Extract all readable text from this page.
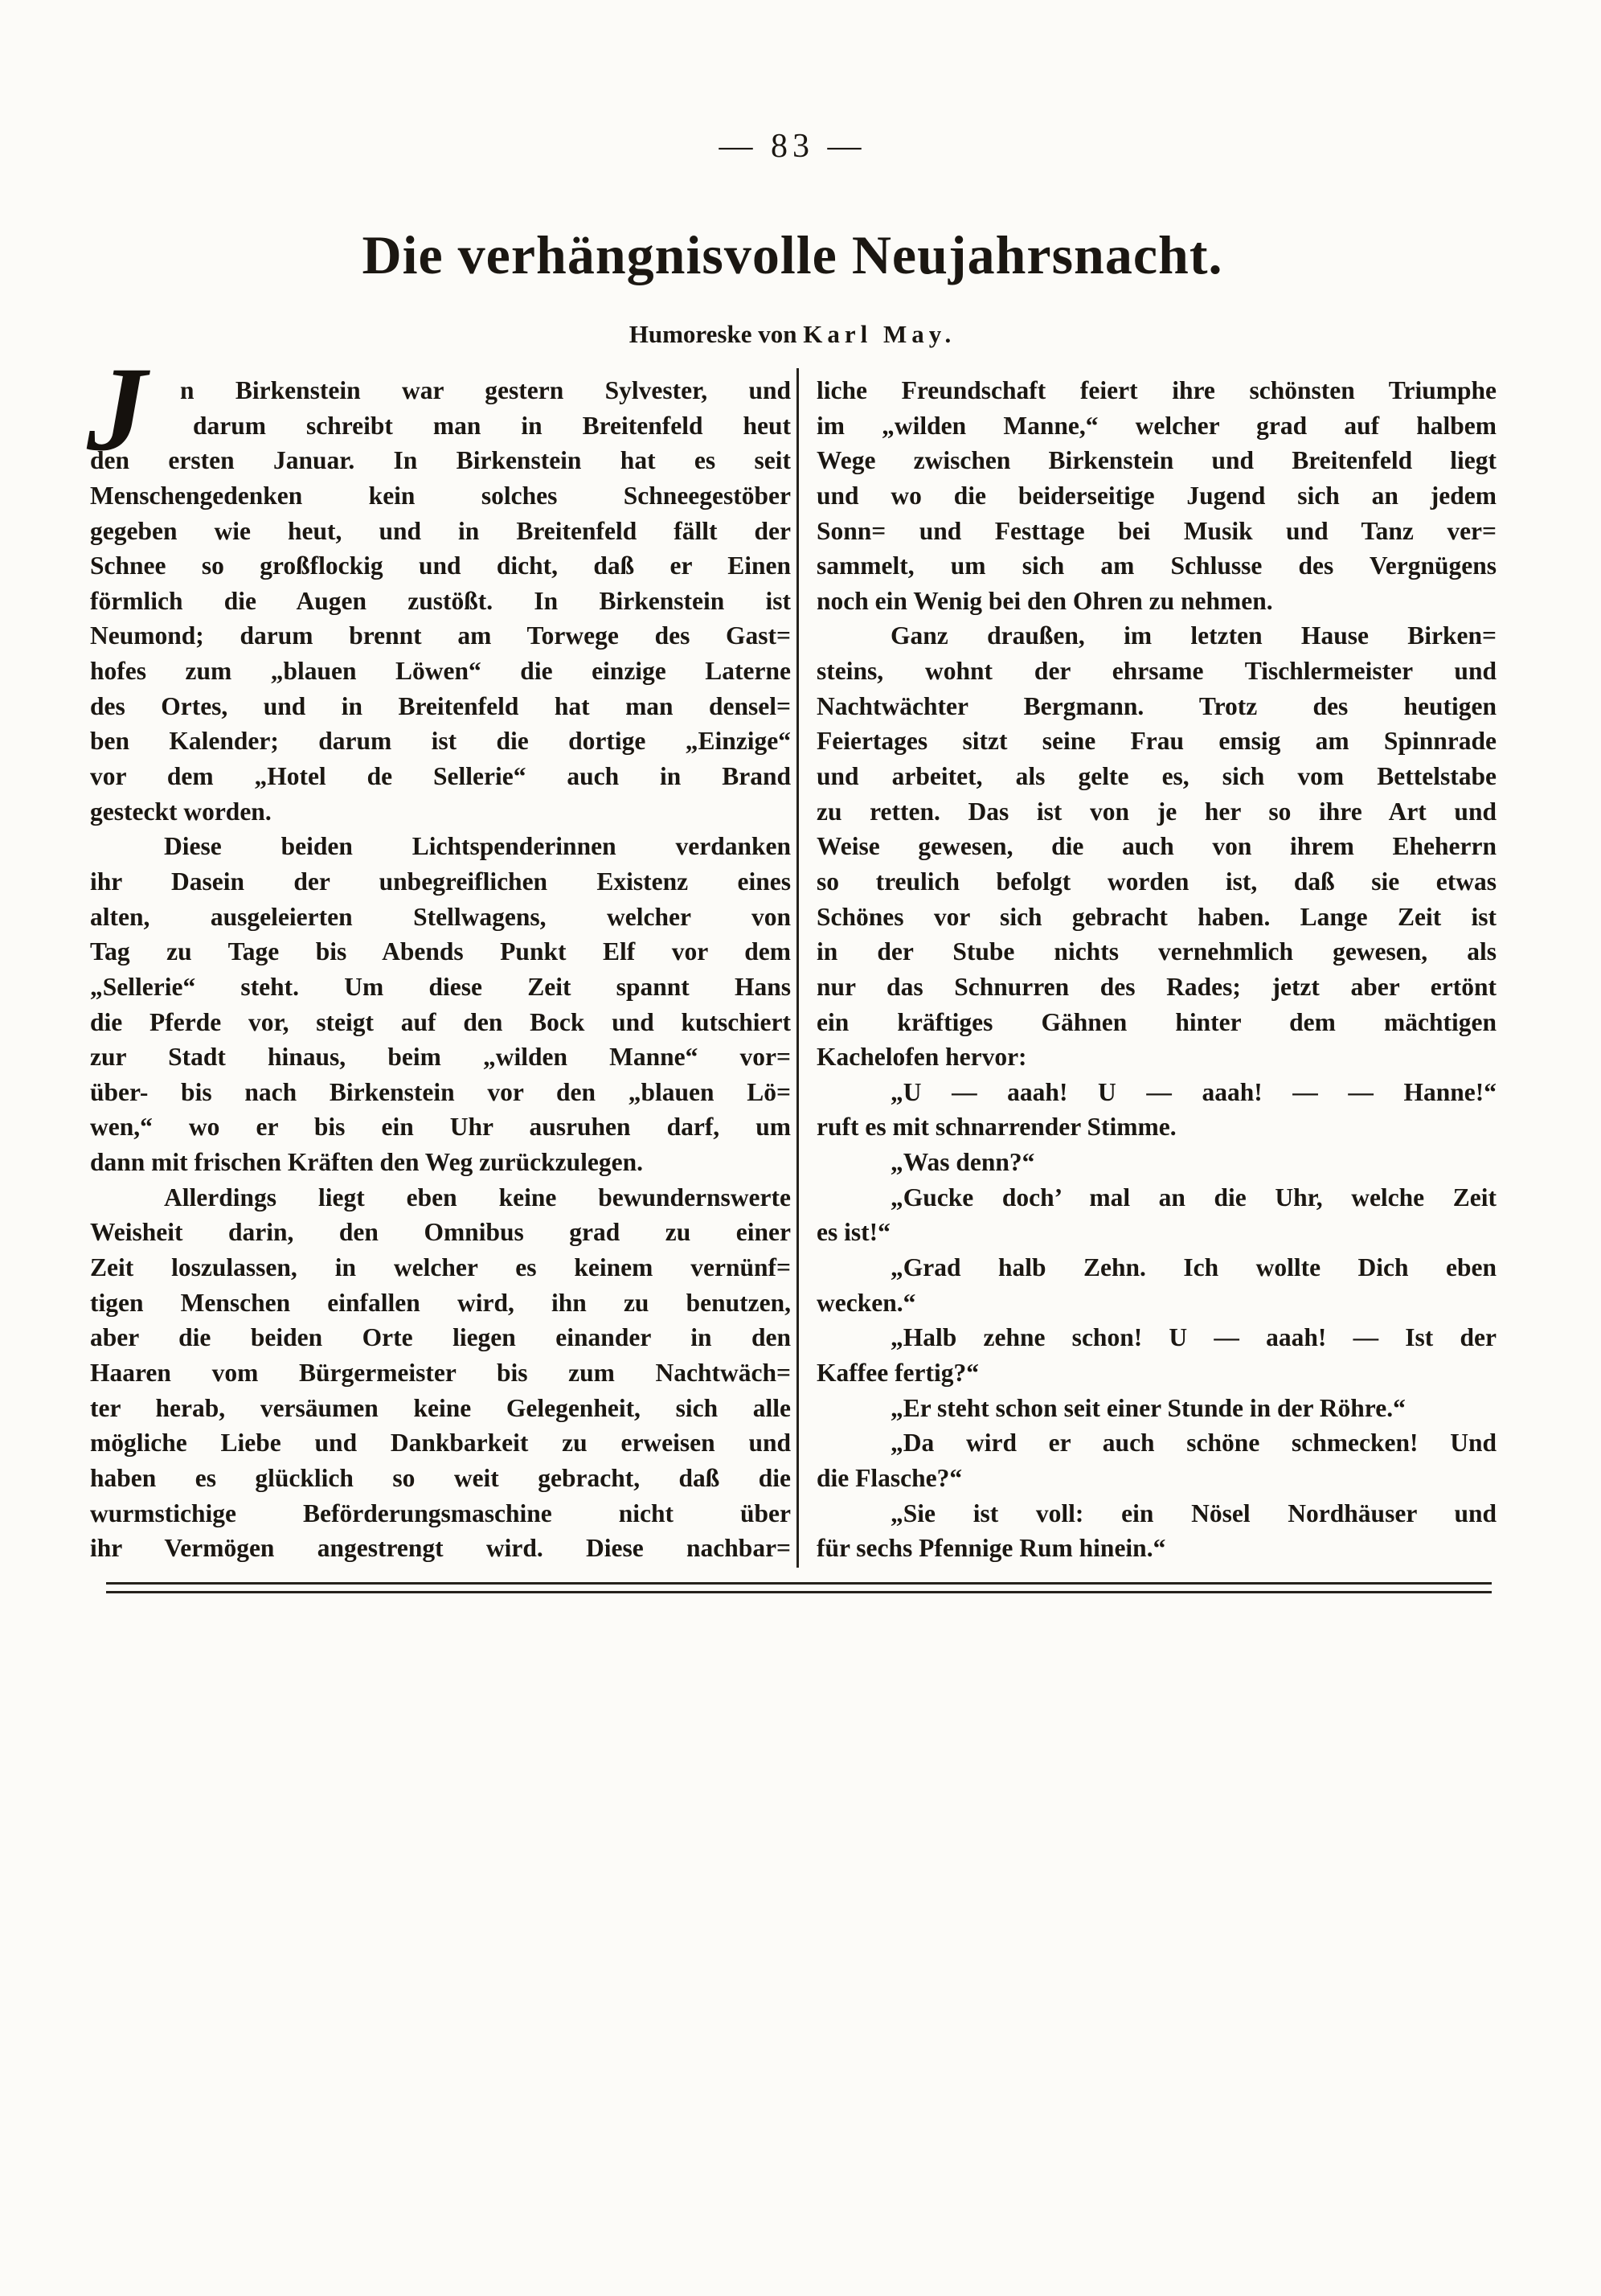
— 83 —
Die verhängnisvolle Neujahrsnacht.
Humoreske von Karl May.
J	n Birkenstein war gestern Sylvester, und
darum schreibt man in Breitenfeld heut
den ersten Januar. In Birkenstein hat es seit
Menschengedenken kein solches Schneegestöber
gegeben wie heut, und in Breitenfeld fällt der
Schnee so großflockig und dicht, daß er Einen
förmlich die Augen zustößt. In Birkenstein ist
Neumond; darum brennt am Torwege des Gast=
hofes zum „blauen Löwen“ die einzige Laterne
des Ortes, und in Breitenfeld hat man densel=
ben Kalender; darum ist die dortige „Einzige“
vor dem „Hotel de Sellerie“ auch in Brand
gesteckt worden.
Diese beiden Lichtspenderinnen verdanken
ihr Dasein der unbegreiflichen Existenz eines
alten, ausgeleierten Stellwagens, welcher von
Tag zu Tage bis Abends Punkt Elf vor dem
„Sellerie“ steht. Um diese Zeit spannt Hans
die Pferde vor, steigt auf den Bock und kutschiert
zur Stadt hinaus, beim „wilden Manne“ vor=
über- bis nach Birkenstein vor den „blauen Lö=
wen,“ wo er bis ein Uhr ausruhen darf, um
dann mit frischen Kräften den Weg zurückzulegen.
Allerdings liegt eben keine bewundernswerte
Weisheit darin, den Omnibus grad zu einer
Zeit loszulassen, in welcher es keinem vernünf=
tigen Menschen einfallen wird, ihn zu benutzen,
aber die beiden Orte liegen einander in den
Haaren vom Bürgermeister bis zum Nachtwäch=
ter herab, versäumen keine Gelegenheit, sich alle
mögliche Liebe und Dankbarkeit zu erweisen und
haben es glücklich so weit gebracht, daß die
wurmstichige Beförderungsmaschine nicht über
ihr Vermögen angestrengt wird. Diese nachbar=
liche Freundschaft feiert ihre schönsten Triumphe
im „wilden Manne,“ welcher grad auf halbem
Wege zwischen Birkenstein und Breitenfeld liegt
und wo die beiderseitige Jugend sich an jedem
Sonn= und Festtage bei Musik und Tanz ver=
sammelt, um sich am Schlusse des Vergnügens
noch ein Wenig bei den Ohren zu nehmen.
Ganz draußen, im letzten Hause Birken=
steins, wohnt der ehrsame Tischlermeister und
Nachtwächter Bergmann. Trotz des heutigen
Feiertages sitzt seine Frau emsig am Spinnrade
und arbeitet, als gelte es, sich vom Bettelstabe
zu retten. Das ist von je her so ihre Art und
Weise gewesen, die auch von ihrem Eheherrn
so treulich befolgt worden ist, daß sie etwas
Schönes vor sich gebracht haben. Lange Zeit ist
in der Stube nichts vernehmlich gewesen, als
nur das Schnurren des Rades; jetzt aber ertönt
ein kräftiges Gähnen hinter dem mächtigen
Kachelofen hervor:
„U — aaah! U — aaah! — — Hanne!“
ruft es mit schnarrender Stimme.
„Was denn?“
„Gucke doch’ mal an die Uhr, welche Zeit
es ist!“
„Grad halb Zehn. Ich wollte Dich eben
wecken.“
„Halb zehne schon! U — aaah! — Ist der
Kaffee fertig?“
„Er steht schon seit einer Stunde in der Röhre.“
„Da wird er auch schöne schmecken! Und
die Flasche?“
„Sie ist voll: ein Nösel Nordhäuser und
für sechs Pfennige Rum hinein.“
